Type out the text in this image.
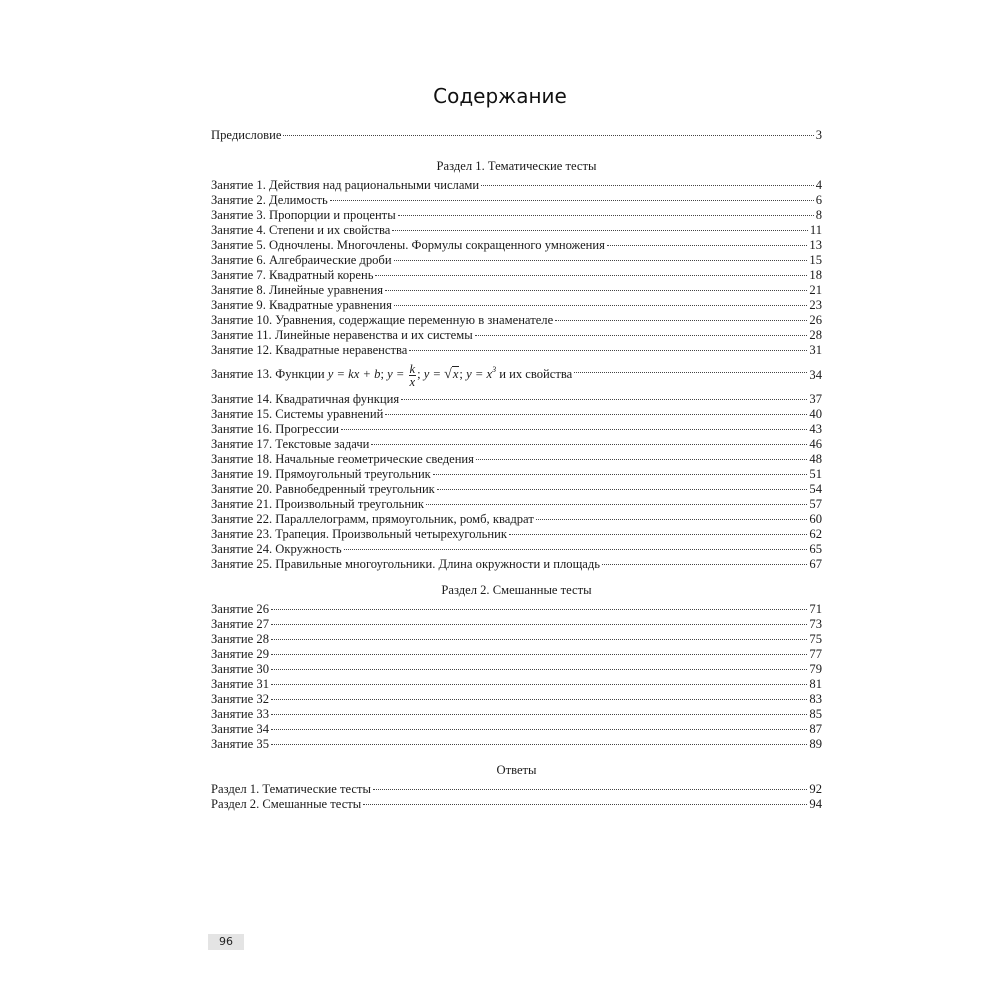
Содержание
Предисловие	3
Раздел 1. Тематические тесты
Занятие 1. Действия над рациональными числами	4
Занятие 2. Делимость	6
Занятие 3. Пропорции и проценты	8
Занятие 4. Степени и их свойства	11
Занятие 5. Одночлены. Многочлены. Формулы сокращенного умножения	13
Занятие 6. Алгебраические дроби	15
Занятие 7. Квадратный корень	18
Занятие 8. Линейные уравнения	21
Занятие 9. Квадратные уравнения	23
Занятие 10. Уравнения, содержащие переменную в знаменателе	26
Занятие 11. Линейные неравенства и их системы	28
Занятие 12. Квадратные неравенства	31
Занятие 13. Функции y = kx + b; $y = \frac{k}{x}$ ; y = √ x ; $y = x^3$ и их свойства	34
Занятие 14. Квадратичная функция	37
Занятие 15. Системы уравнений	40
Занятие 16. Прогрессии	43
Занятие 17. Текстовые задачи	46
Занятие 18. Начальные геометрические сведения	48
Занятие 19. Прямоугольный треугольник	51
Занятие 20. Равнобедренный треугольник	54
Занятие 21. Произвольный треугольник	57
Занятие 22. Параллелограмм, прямоугольник, ромб, квадрат	60
Занятие 23. Трапеция. Произвольный четырехугольник	62
Занятие 24. Окружность	65
Занятие 25. Правильные многоугольники. Длина окружности и площадь	67
Раздел 2. Смешанные тесты
Занятие 26	71
Занятие 27	73
Занятие 28	75
Занятие 29	77
Занятие 30	79
Занятие 31	81
Занятие 32	83
Занятие 33	85
Занятие 34	87
Занятие 35	89
Ответы
Раздел 1. Тематические тесты	92
Раздел 2. Смешанные тесты	94
96
